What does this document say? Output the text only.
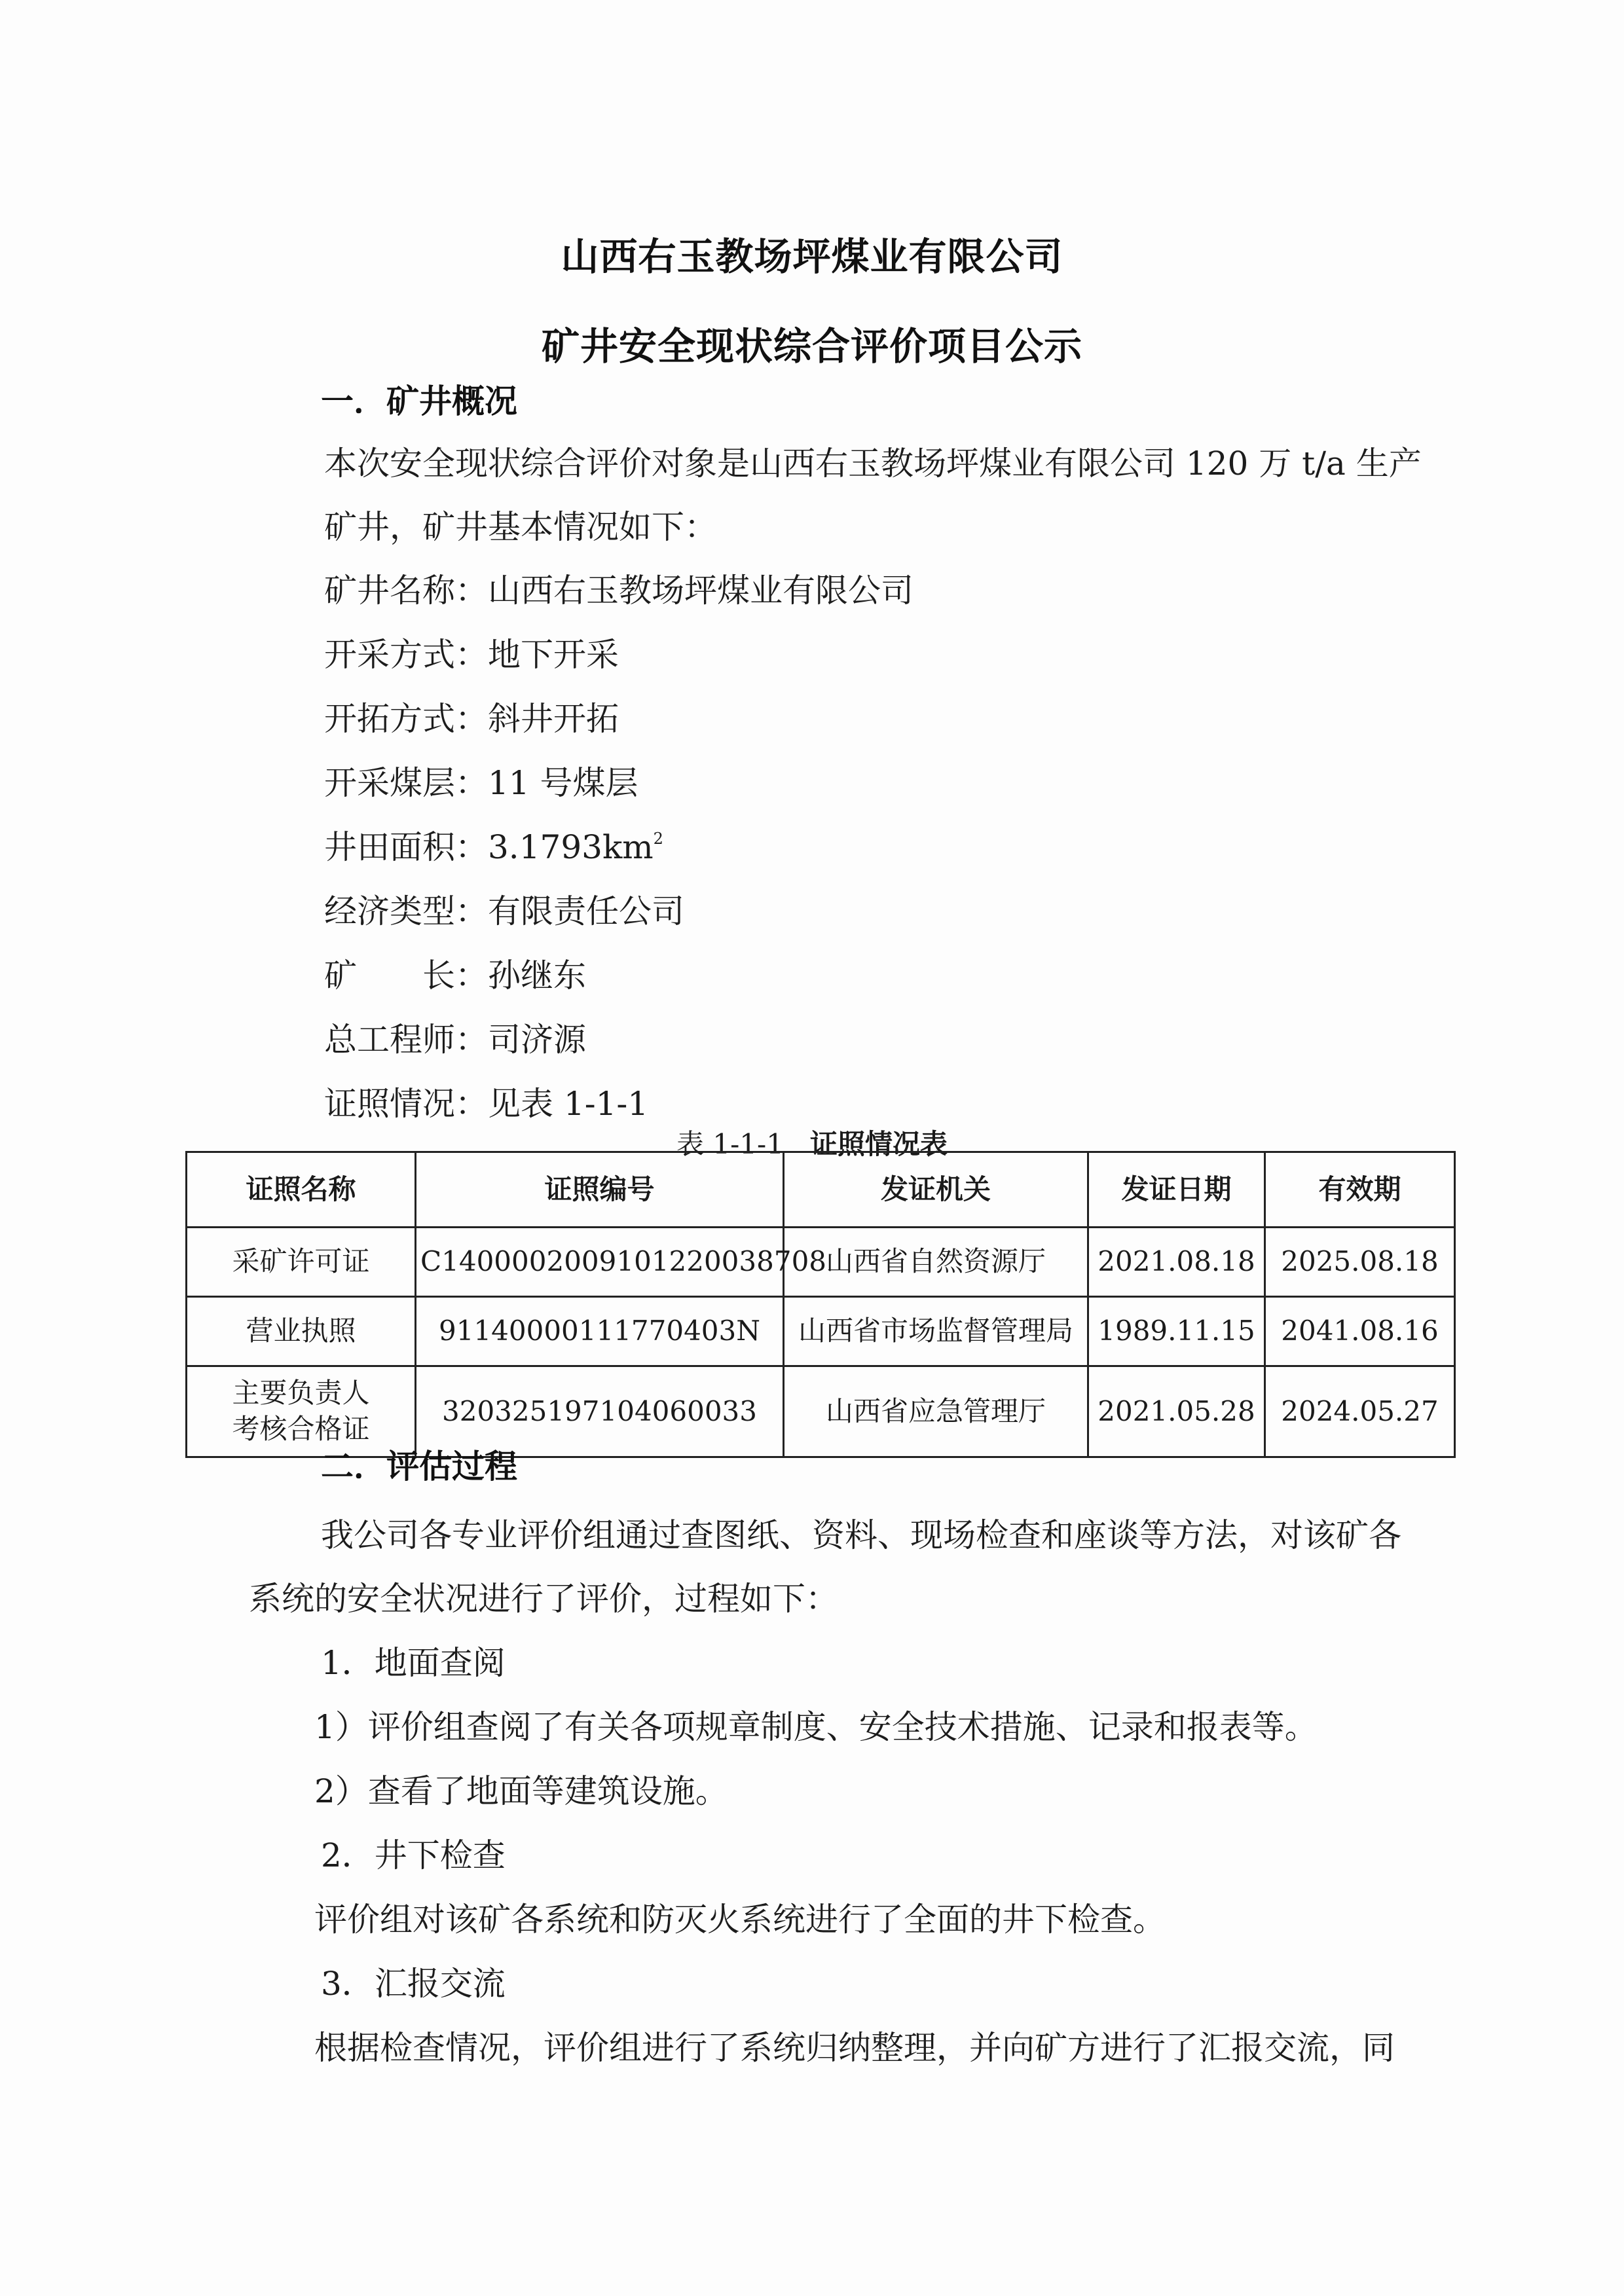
山西右玉教场坪煤业有限公司
矿井安全现状综合评价项目公示
一．矿井概况
本次安全现状综合评价对象是山西右玉教场坪煤业有限公司 120 万 t/a 生产
矿井，矿井基本情况如下：
矿井名称：山西右玉教场坪煤业有限公司
开采方式：地下开采
开拓方式：斜井开拓
开采煤层：11 号煤层
井田面积：$3.1793km^2$
经济类型：有限责任公司
矿　　长：孙继东
总工程师：司济源
证照情况：见表 1-1-1
表 1-1-1 证照情况表
证照名称	证照编号	发证机关	发证日期	有效期
采矿许可证	C1400002009101220038708	山西省自然资源厅	2021.08.18	2025.08.18
营业执照	91140000111770403N	山西省市场监督管理局	1989.11.15	2041.08.16
主要负责人
考核合格证	320325197104060033	山西省应急管理厅	2021.05.28	2024.05.27
二．评估过程
我公司各专业评价组通过查图纸、资料、现场检查和座谈等方法，对该矿各
系统的安全状况进行了评价，过程如下：
1．地面查阅
1）评价组查阅了有关各项规章制度、安全技术措施、记录和报表等。
2）查看了地面等建筑设施。
2．井下检查
评价组对该矿各系统和防灭火系统进行了全面的井下检查。
3．汇报交流
根据检查情况，评价组进行了系统归纳整理，并向矿方进行了汇报交流，同
